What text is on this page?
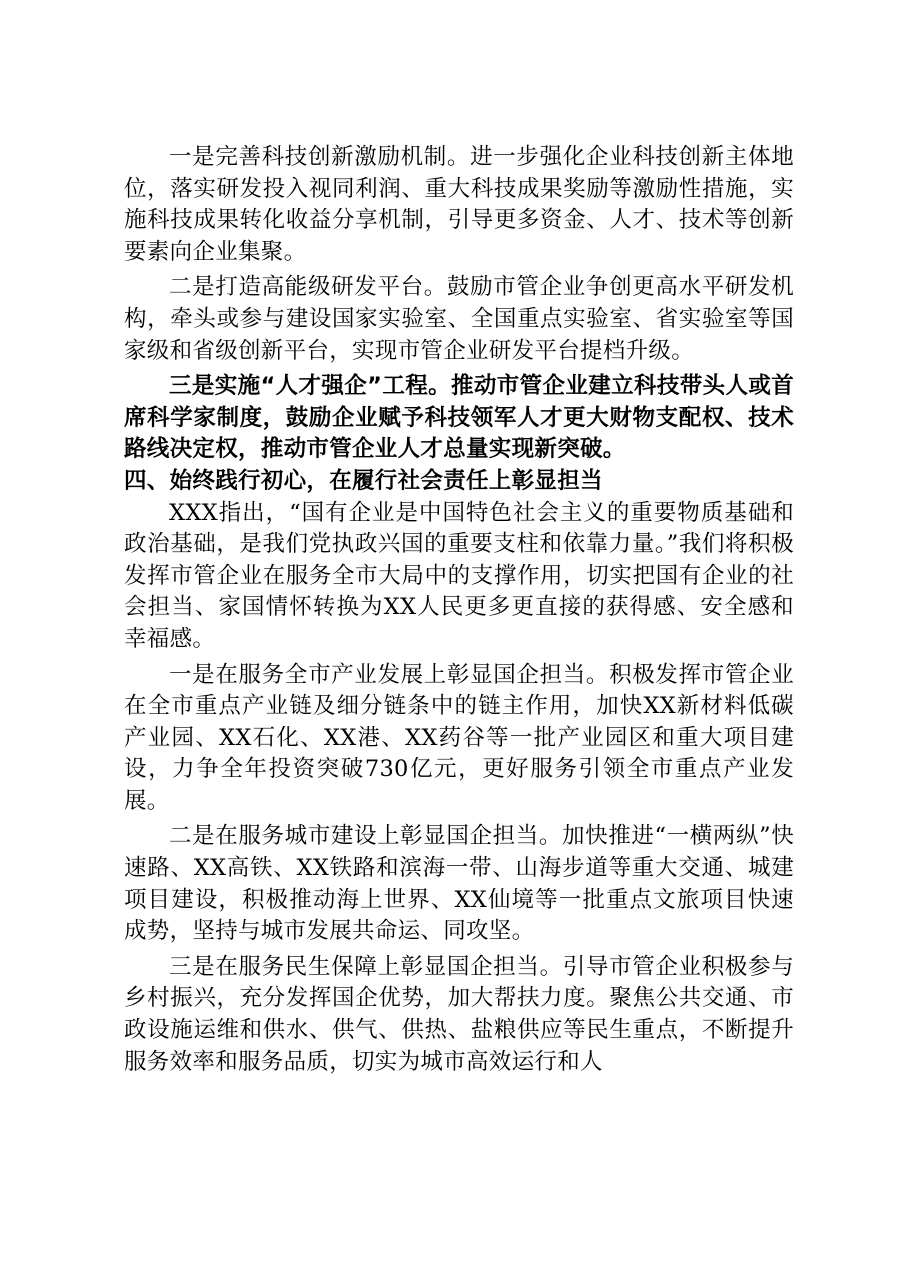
一是完善科技创新激励机制。进一步强化企业科技创新主体地位，落实研发投入视同利润、重大科技成果奖励等激励性措施，实施科技成果转化收益分享机制，引导更多资金、人才、技术等创新要素向企业集聚。

二是打造高能级研发平台。鼓励市管企业争创更高水平研发机构，牵头或参与建设国家实验室、全国重点实验室、省实验室等国家级和省级创新平台，实现市管企业研发平台提档升级。

三是实施“人才强企”工程。推动市管企业建立科技带头人或首席科学家制度，鼓励企业赋予科技领军人才更大财物支配权、技术路线决定权，推动市管企业人才总量实现新突破。

四、始终践行初心，在履行社会责任上彰显担当

XXX指出，“国有企业是中国特色社会主义的重要物质基础和政治基础，是我们党执政兴国的重要支柱和依靠力量。”我们将积极发挥市管企业在服务全市大局中的支撑作用，切实把国有企业的社会担当、家国情怀转换为XX人民更多更直接的获得感、安全感和幸福感。

一是在服务全市产业发展上彰显国企担当。积极发挥市管企业在全市重点产业链及细分链条中的链主作用，加快XX新材料低碳产业园、XX石化、XX港、XX药谷等一批产业园区和重大项目建设，力争全年投资突破730亿元，更好服务引领全市重点产业发展。

二是在服务城市建设上彰显国企担当。加快推进“一横两纵”快速路、XX高铁、XX铁路和滨海一带、山海步道等重大交通、城建项目建设，积极推动海上世界、XX仙境等一批重点文旅项目快速成势，坚持与城市发展共命运、同攻坚。

三是在服务民生保障上彰显国企担当。引导市管企业积极参与乡村振兴，充分发挥国企优势，加大帮扶力度。聚焦公共交通、市政设施运维和供水、供气、供热、盐粮供应等民生重点，不断提升服务效率和服务品质，切实为城市高效运行和人
